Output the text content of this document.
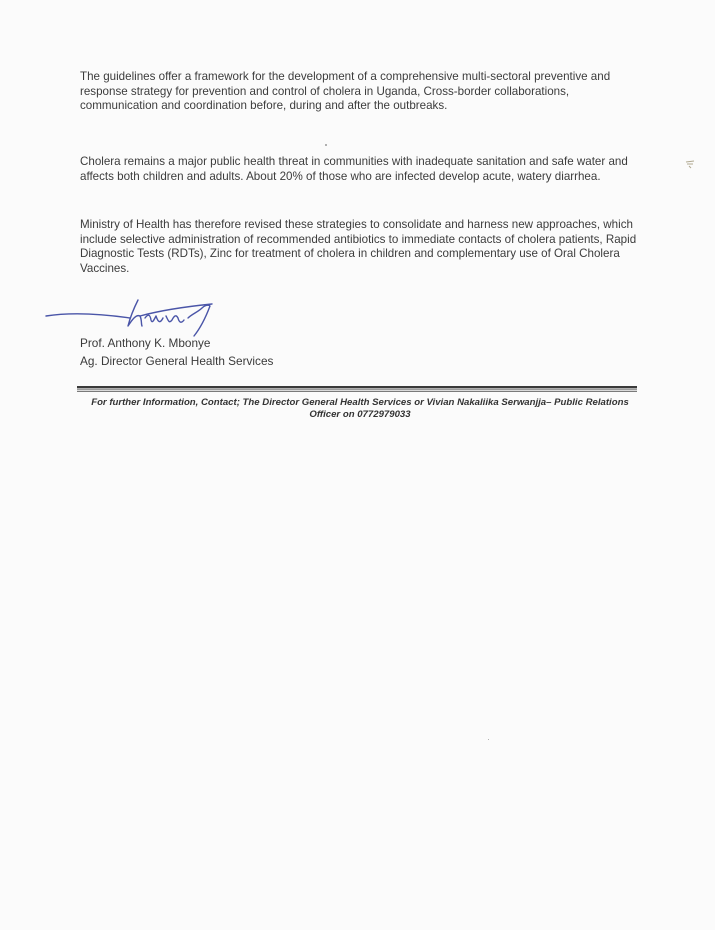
The guidelines offer a framework for the development of a comprehensive multi-sectoral preventive and
response strategy for prevention and control of cholera in Uganda, Cross-border collaborations,
communication and coordination before, during and after the outbreaks.

Cholera remains a major public health threat in communities with inadequate sanitation and safe water and
affects both children and adults. About 20% of those who are infected develop acute, watery diarrhea.

Ministry of Health has therefore revised these strategies to consolidate and harness new approaches, which
include selective administration of recommended antibiotics to immediate contacts of cholera patients, Rapid
Diagnostic Tests (RDTs), Zinc for treatment of cholera in children and complementary use of Oral Cholera
Vaccines.

Prof. Anthony K. Mbonye

Ag. Director General Health Services

For further Information, Contact; The Director General Health Services or Vivian Nakaliika Serwanjja– Public Relations
Officer on 0772979033
